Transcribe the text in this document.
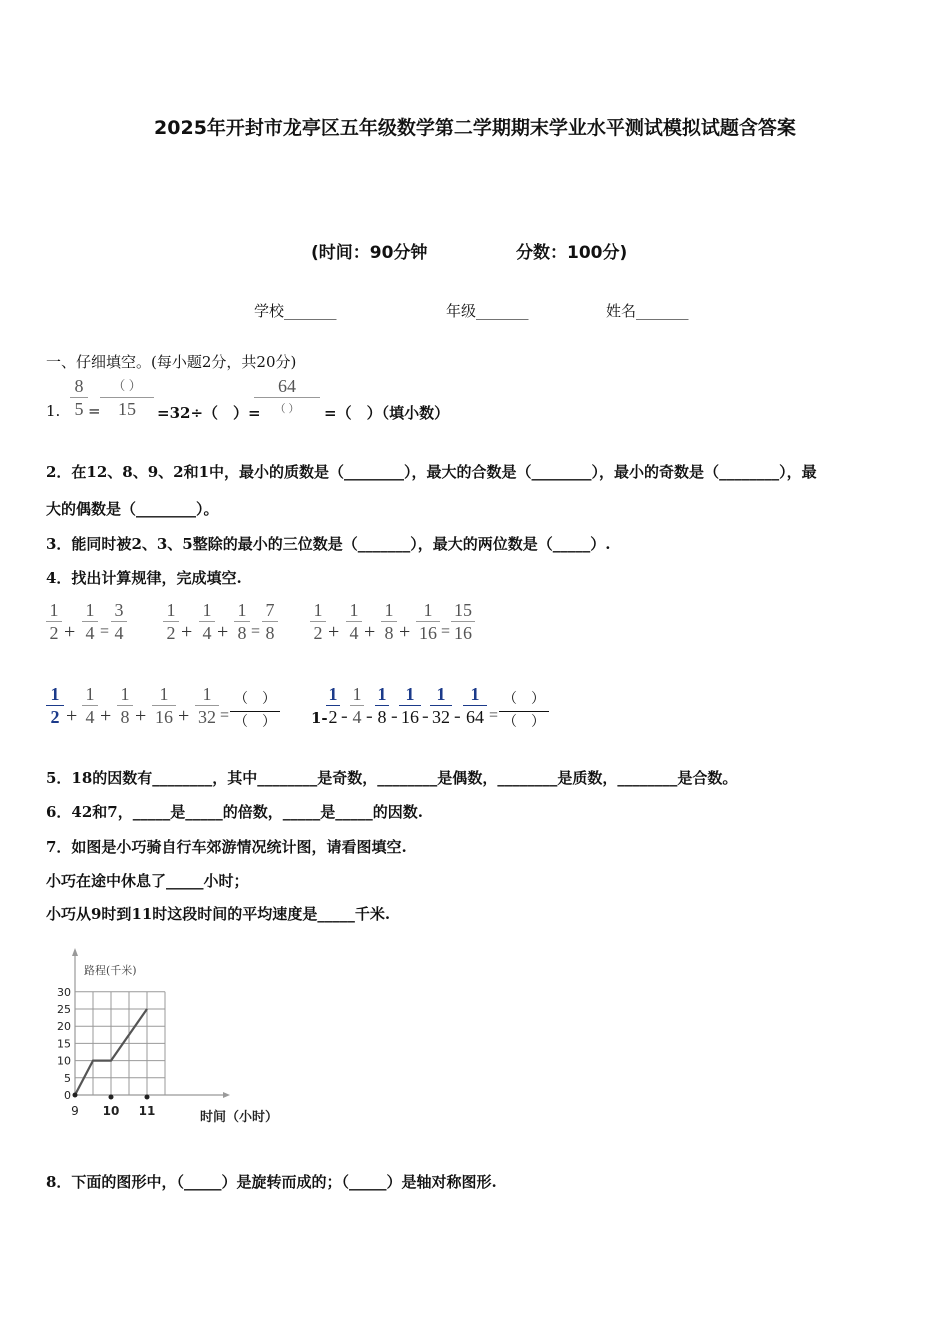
2025年开封市龙亭区五年级数学第二学期期末学业水平测试模拟试题含答案
(时间：90分钟	分数：100分)
学校_______	年级_______	姓名_______
一、仔细填空。(每小题2分，共20分)
1.
8
5 =
（ ）
15	=32÷（　）=
64
（ ）	=（　）（填小数）
2．在12、8、9、2和1中，最小的质数是（________），最大的合数是（________），最小的奇数是（________），最
大的偶数是（________）。
3．能同时被2、3、5整除的最小的三位数是（_______），最大的两位数是（_____）.
4．找出计算规律，完成填空.
1
2 +
1
4 =
3
4
1
2 +
1
4 +
1
8 =
7
8
1
2 +
1
4 +
1
8 +
1
16 =
15
16
1
2 +
1
4 +
1
8 +
1
16 +
1
32 =
（　）
（　） 1-
1
2 -
1
4 -
1
8 -
1
16 -
1
32 -
1
64 =
（　）
（　）
5．18的因数有________，其中________是奇数，________是偶数，________是质数，________是合数。
6．42和7，_____是_____的倍数，_____是_____的因数.
7．如图是小巧骑自行车郊游情况统计图，请看图填空.
小巧在途中休息了_____小时；
小巧从9时到11时这段时间的平均速度是_____千米.
0
5
10
15
20
25
30
9 10 11
路程(千米)
时间（小时）
8．下面的图形中，（_____）是旋转而成的；（_____）是轴对称图形.
